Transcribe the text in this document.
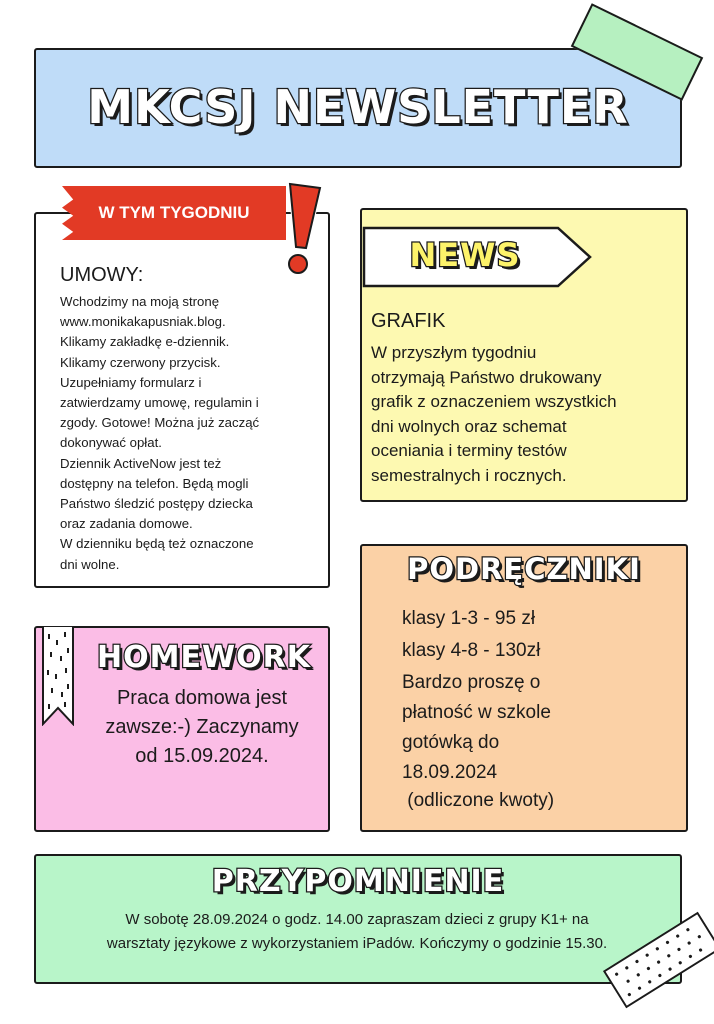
MKCSJ NEWSLETTER
W TYM TYGODNIU
UMOWY:
Wchodzimy na moją stronę
www.monikakapusniak.blog.
Klikamy zakładkę e-dziennik.
Klikamy czerwony przycisk.
Uzupełniamy formularz i
zatwierdzamy umowę, regulamin i
zgody. Gotowe! Można już zacząć
dokonywać opłat.
Dziennik ActiveNow jest też
dostępny na telefon. Będą mogli
Państwo śledzić postępy dziecka
oraz zadania domowe.
W dzienniku będą też oznaczone
dni wolne.
NEWS
GRAFIK
W przyszłym tygodniu
otrzymają Państwo drukowany
grafik z oznaczeniem wszystkich
dni wolnych oraz schemat
oceniania i terminy testów
semestralnych i rocznych.
PODRĘCZNIKI
klasy 1-3 - 95 zł
klasy 4-8 - 130zł
Bardzo proszę o
płatność w szkole
gotówką do
18.09.2024
(odliczone kwoty)
HOMEWORK
Praca domowa jest
zawsze:-) Zaczynamy
od 15.09.2024.
PRZYPOMNIENIE
W sobotę 28.09.2024 o godz. 14.00 zapraszam dzieci z grupy K1+ na
warsztaty językowe z wykorzystaniem iPadów. Kończymy o godzinie 15.30.
